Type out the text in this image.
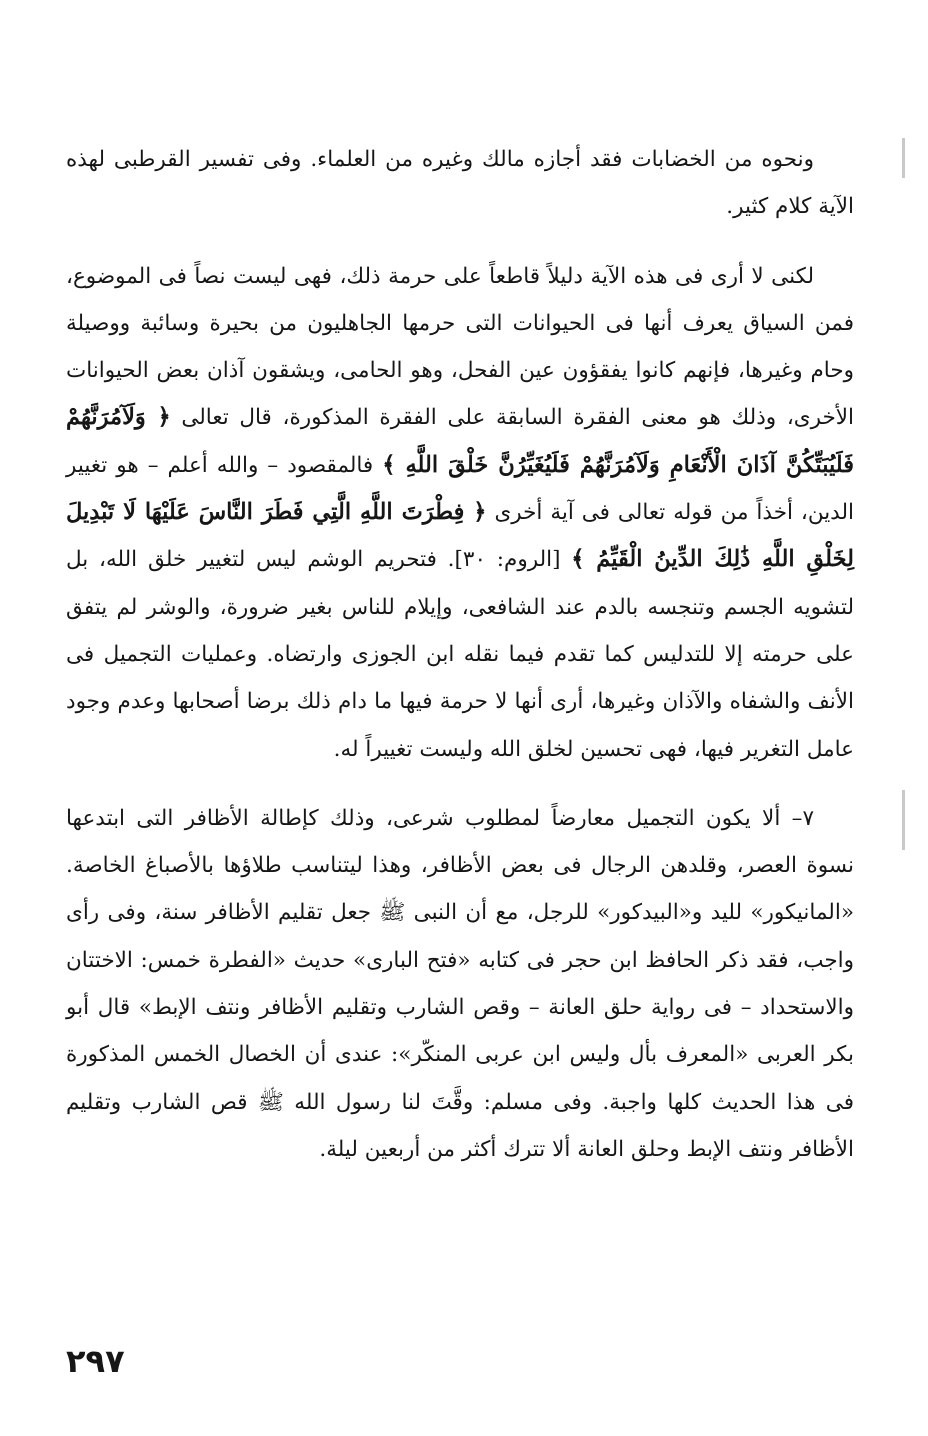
ونحوه من الخضابات فقد أجازه مالك وغيره من العلماء. وفى تفسير القرطبى لهذه الآية كلام كثير.

لكنى لا أرى فى هذه الآية دليلاً قاطعاً على حرمة ذلك، فهى ليست نصاً فى الموضوع، فمن السياق يعرف أنها فى الحيوانات التى حرمها الجاهليون من بحيرة وسائبة ووصيلة وحام وغيرها، فإنهم كانوا يفقؤون عين الفحل، وهو الحامى، ويشقون آذان بعض الحيوانات الأخرى، وذلك هو معنى الفقرة السابقة على الفقرة المذكورة، قال تعالى ﴿ وَلَآمُرَنَّهُمْ فَلَيُبَتِّكُنَّ آذَانَ الْأَنْعَامِ وَلَآمُرَنَّهُمْ فَلَيُغَيِّرُنَّ خَلْقَ اللَّهِ ﴾ فالمقصود – والله أعلم – هو تغيير الدين، أخذاً من قوله تعالى فى آية أخرى ﴿ فِطْرَتَ اللَّهِ الَّتِي فَطَرَ النَّاسَ عَلَيْهَا لَا تَبْدِيلَ لِخَلْقِ اللَّهِ ذَٰلِكَ الدِّينُ الْقَيِّمُ ﴾ [الروم: ٣٠]. فتحريم الوشم ليس لتغيير خلق الله، بل لتشويه الجسم وتنجسه بالدم عند الشافعى، وإيلام للناس بغير ضرورة، والوشر لم يتفق على حرمته إلا للتدليس كما تقدم فيما نقله ابن الجوزى وارتضاه. وعمليات التجميل فى الأنف والشفاه والآذان وغيرها، أرى أنها لا حرمة فيها ما دام ذلك برضا أصحابها وعدم وجود عامل التغرير فيها، فهى تحسين لخلق الله وليست تغييراً له.

٧– ألا يكون التجميل معارضاً لمطلوب شرعى، وذلك كإطالة الأظافر التى ابتدعها نسوة العصر، وقلدهن الرجال فى بعض الأظافر، وهذا ليتناسب طلاؤها بالأصباغ الخاصة. «المانيكور» لليد و«البيدكور» للرجل، مع أن النبى ﷺ جعل تقليم الأظافر سنة، وفى رأى واجب، فقد ذكر الحافظ ابن حجر فى كتابه «فتح البارى» حديث «الفطرة خمس: الاختتان والاستحداد – فى رواية حلق العانة – وقص الشارب وتقليم الأظافر ونتف الإبط» قال أبو بكر العربى «المعرف بأل وليس ابن عربى المنكّر»: عندى أن الخصال الخمس المذكورة فى هذا الحديث كلها واجبة. وفى مسلم: وقَّتَ لنا رسول الله ﷺ قص الشارب وتقليم الأظافر ونتف الإبط وحلق العانة ألا تترك أكثر من أربعين ليلة.

٢٩٧
